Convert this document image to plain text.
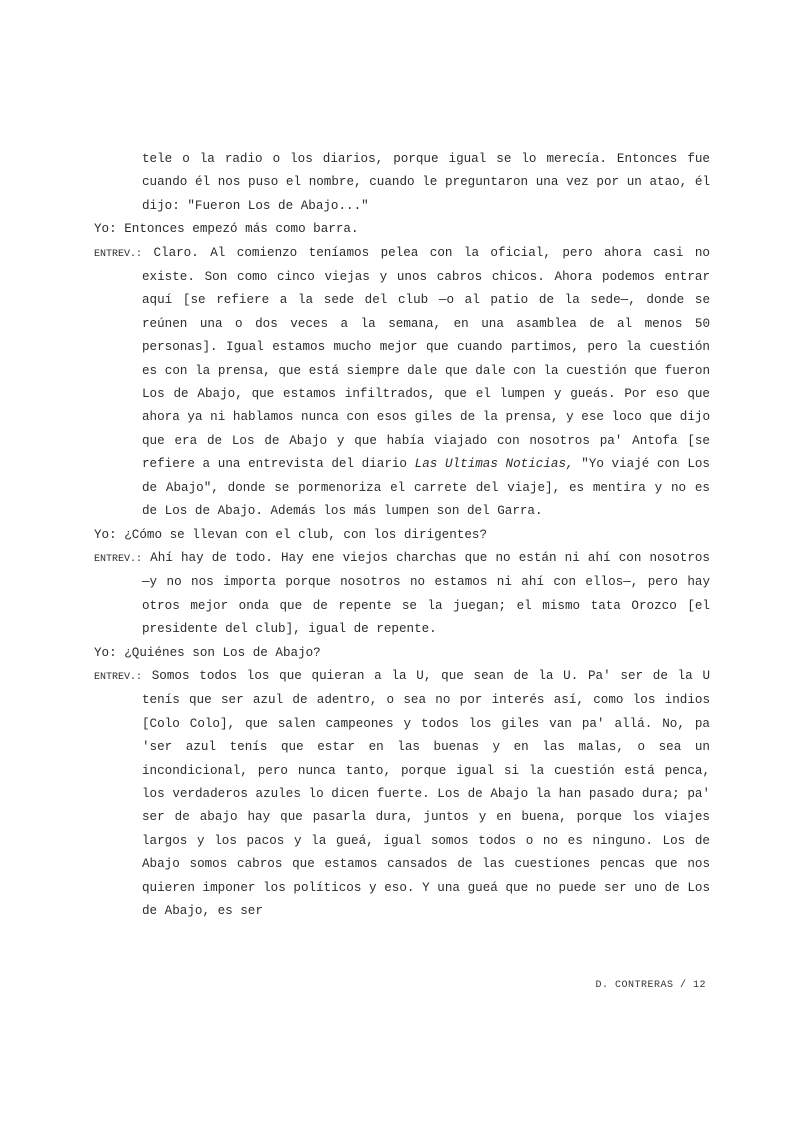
tele o la radio o los diarios, porque igual se lo merecía. Entonces fue cuando él nos puso el nombre, cuando le preguntaron una vez por un atao, él dijo: "Fueron Los de Abajo..."

Yo: Entonces empezó más como barra.

ENTREV.: Claro. Al comienzo teníamos pelea con la oficial, pero ahora casi no existe. Son como cinco viejas y unos cabros chicos. Ahora podemos entrar aquí [se refiere a la sede del club —o al patio de la sede—, donde se reúnen una o dos veces a la semana, en una asamblea de al menos 50 personas]. Igual estamos mucho mejor que cuando partimos, pero la cuestión es con la prensa, que está siempre dale que dale con la cuestión que fueron Los de Abajo, que estamos infiltrados, que el lumpen y gueás. Por eso que ahora ya ni hablamos nunca con esos giles de la prensa, y ese loco que dijo que era de Los de Abajo y que había viajado con nosotros pa' Antofa [se refiere a una entrevista del diario Las Ultimas Noticias, "Yo viajé con Los de Abajo", donde se pormenoriza el carrete del viaje], es mentira y no es de Los de Abajo. Además los más lumpen son del Garra.

Yo: ¿Cómo se llevan con el club, con los dirigentes?

ENTREV.: Ahí hay de todo. Hay ene viejos charchas que no están ni ahí con nosotros —y no nos importa porque nosotros no estamos ni ahí con ellos—, pero hay otros mejor onda que de repente se la juegan; el mismo tata Orozco [el presidente del club], igual de repente.

Yo: ¿Quiénes son Los de Abajo?

ENTREV.: Somos todos los que quieran a la U, que sean de la U. Pa' ser de la U tenís que ser azul de adentro, o sea no por interés así, como los indios [Colo Colo], que salen campeones y todos los giles van pa' allá. No, pa 'ser azul tenís que estar en las buenas y en las malas, o sea un incondicional, pero nunca tanto, porque igual si la cuestión está penca, los verdaderos azules lo dicen fuerte. Los de Abajo la han pasado dura; pa' ser de abajo hay que pasarla dura, juntos y en buena, porque los viajes largos y los pacos y la gueá, igual somos todos o no es ninguno. Los de Abajo somos cabros que estamos cansados de las cuestiones pencas que nos quieren imponer los políticos y eso. Y una gueá que no puede ser uno de Los de Abajo, es ser

D. CONTRERAS / 12
